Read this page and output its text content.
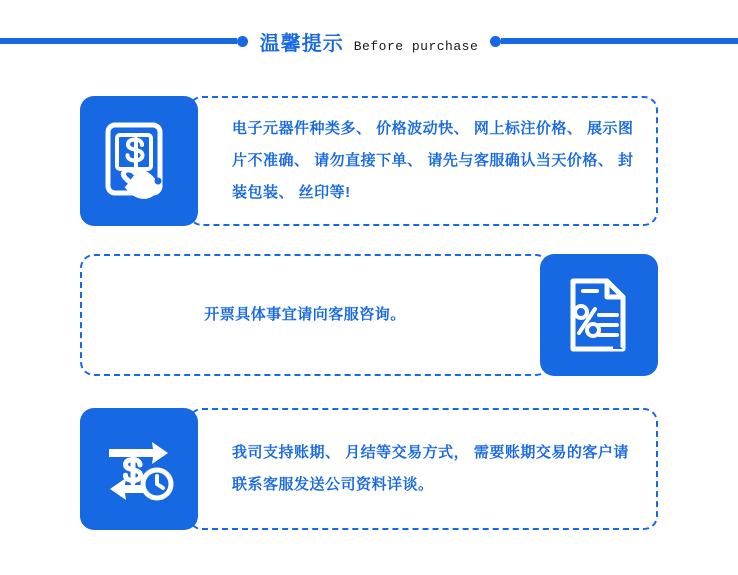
温馨提示 Before purchase
电子元器件种类多、 价格波动快、 网上标注价格、 展示图片不准确、 请勿直接下单、 请先与客服确认当天价格、 封装包装、 丝印等!
开票具体事宜请向客服咨询。
我司支持账期、 月结等交易方式， 需要账期交易的客户请联系客服发送公司资料详谈。
